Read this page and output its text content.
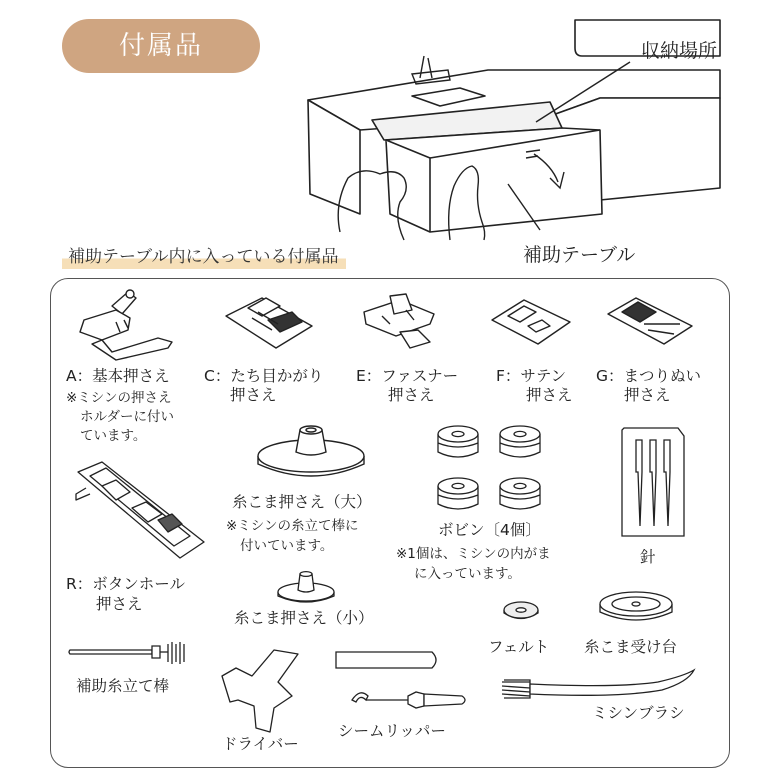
付属品	収納場所
補助テーブル
補助テーブル内に入っている付属品
A：基本押さえ
※ミシンの押さえ
ホルダーに付い
ています。
C：たち目かがり
押さえ
E：ファスナー
押さえ
F：サテン
押さえ
G：まつりぬい
押さえ
糸こま押さえ（大）
※ミシンの糸立て棒に
付いています。
ボビン〔4個〕
※1個は、ミシンの内がま
に入っています。
針
R：ボタンホール
押さえ
糸こま押さえ（小）
フェルト 糸こま受け台
補助糸立て棒
ドライバー
シームリッパー
ミシンブラシ
